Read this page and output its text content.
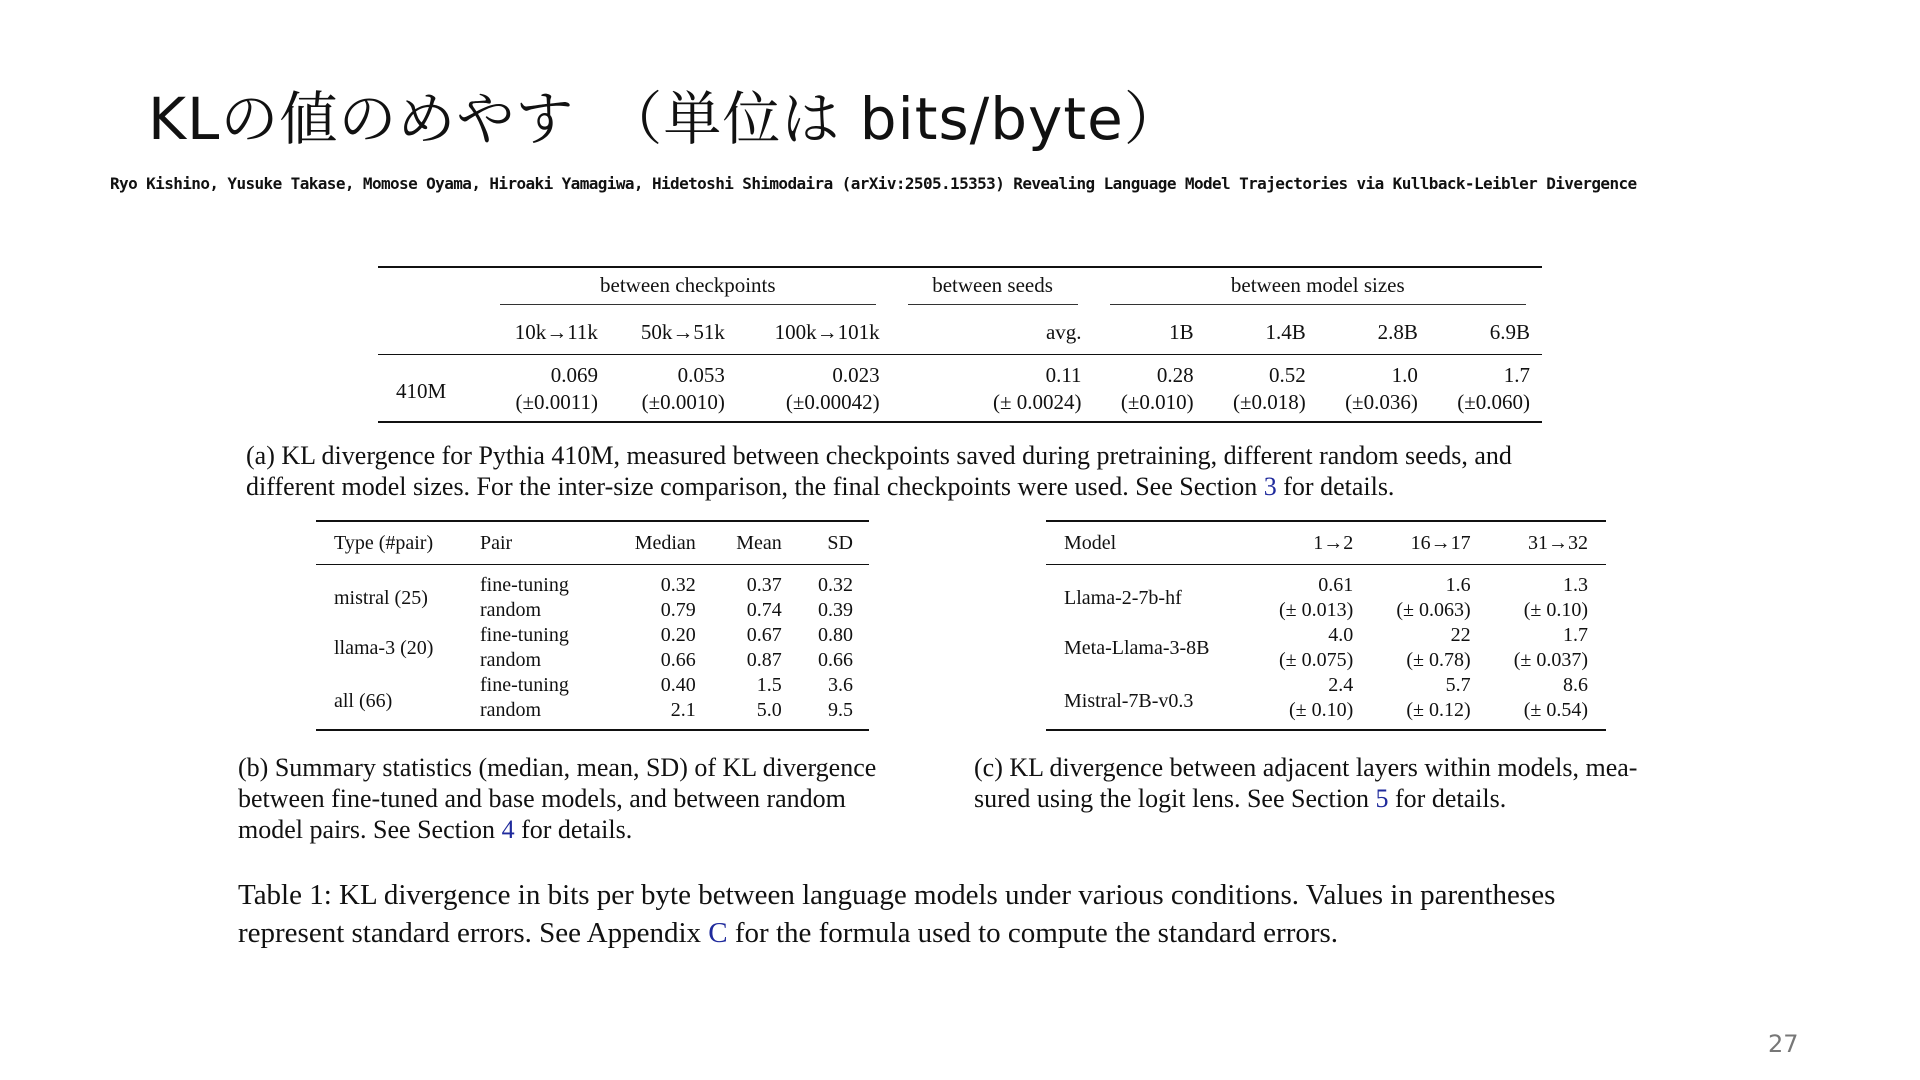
KLの値のめやす　（単位は bits/byte）
Ryo Kishino, Yusuke Takase, Momose Oyama, Hiroaki Yamagiwa, Hidetoshi Shimodaira (arXiv:2505.15353) Revealing Language Model Trajectories via Kullback-Leibler Divergence

	between checkpoints			between seeds	between model sizes			

	10k→11k	50k→51k	100k→101k	avg.	1B	1.4B	2.8B	6.9B
410M	0.069	0.053	0.023	0.11	0.28	0.52	1.0	1.7
	(±0.0011)	(±0.0010)	(±0.00042)	(± 0.0024)	(±0.010)	(±0.018)	(±0.036)	(±0.060)
(a) KL divergence for Pythia 410M, measured between checkpoints saved during pretraining, different random seeds, and
different model sizes. For the inter-size comparison, the final checkpoints were used. See Section 3 for details.
Type (#pair)	Pair	Median	Mean	SD
mistral (25)	fine-tuning	0.32	0.37	0.32
	random	0.79	0.74	0.39
llama-3 (20)	fine-tuning	0.20	0.67	0.80
	random	0.66	0.87	0.66
all (66)	fine-tuning	0.40	1.5	3.6
	random	2.1	5.0	9.5
Model	1→2	16→17	31→32
Llama-2-7b-hf	0.61	1.6	1.3
	(± 0.013)	(± 0.063)	(± 0.10)
Meta-Llama-3-8B	4.0	22	1.7
	(± 0.075)	(± 0.78)	(± 0.037)
Mistral-7B-v0.3	2.4	5.7	8.6
	(± 0.10)	(± 0.12)	(± 0.54)
(b) Summary statistics (median, mean, SD) of KL divergence
between fine-tuned and base models, and between random
model pairs. See Section 4 for details.
(c) KL divergence between adjacent layers within models, mea-
sured using the logit lens. See Section 5 for details.
Table 1: KL divergence in bits per byte between language models under various conditions. Values in parentheses
represent standard errors. See Appendix C for the formula used to compute the standard errors.
27
